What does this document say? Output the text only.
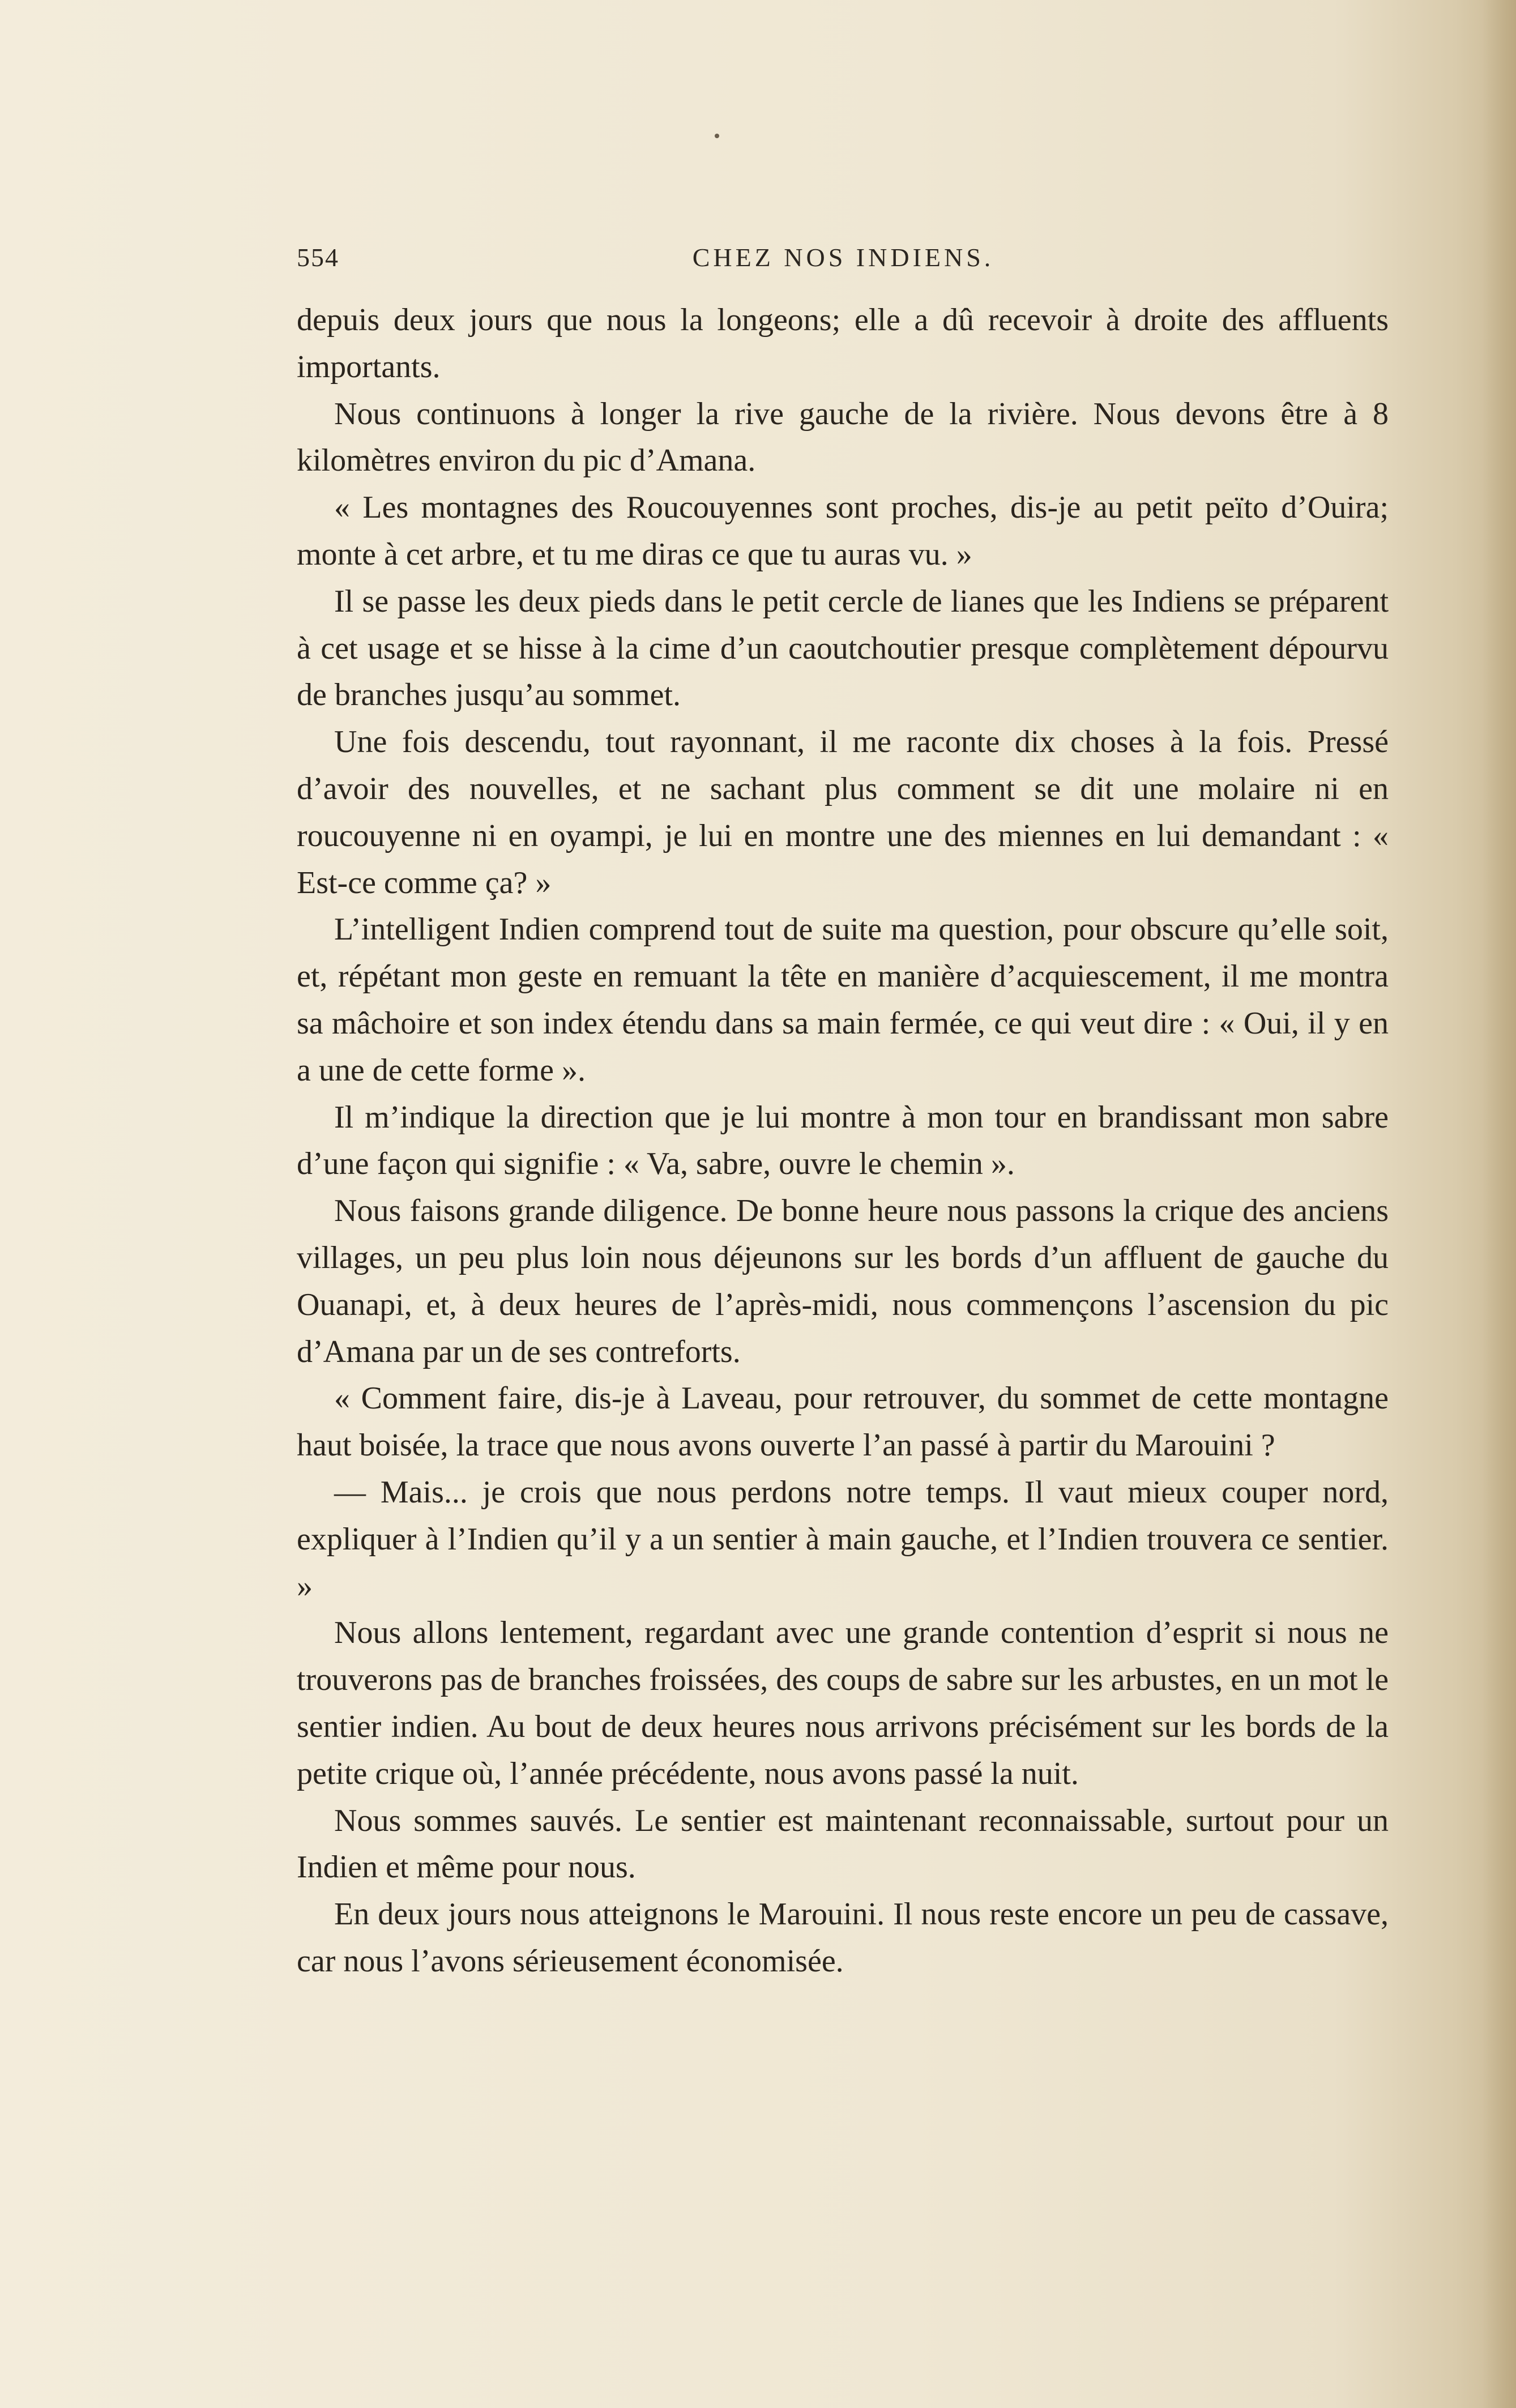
554	CHEZ NOS INDIENS.

depuis deux jours que nous la longeons; elle a dû recevoir à droite des affluents importants.

Nous continuons à longer la rive gauche de la rivière. Nous devons être à 8 kilomètres environ du pic d’Amana.

« Les montagnes des Roucouyennes sont proches, dis-je au petit peïto d’Ouira; monte à cet arbre, et tu me diras ce que tu auras vu. »

Il se passe les deux pieds dans le petit cercle de lianes que les Indiens se préparent à cet usage et se hisse à la cime d’un caoutchoutier presque complètement dépourvu de branches jusqu’au sommet.

Une fois descendu, tout rayonnant, il me raconte dix choses à la fois. Pressé d’avoir des nouvelles, et ne sachant plus comment se dit une molaire ni en roucouyenne ni en oyampi, je lui en montre une des miennes en lui demandant : « Est-ce comme ça? »

L’intelligent Indien comprend tout de suite ma question, pour obscure qu’elle soit, et, répétant mon geste en remuant la tête en manière d’acquiescement, il me montra sa mâchoire et son index étendu dans sa main fermée, ce qui veut dire : « Oui, il y en a une de cette forme ».

Il m’indique la direction que je lui montre à mon tour en brandissant mon sabre d’une façon qui signifie : « Va, sabre, ouvre le chemin ».

Nous faisons grande diligence. De bonne heure nous passons la crique des anciens villages, un peu plus loin nous déjeunons sur les bords d’un affluent de gauche du Ouanapi, et, à deux heures de l’après-midi, nous commençons l’ascension du pic d’Amana par un de ses contreforts.

« Comment faire, dis-je à Laveau, pour retrouver, du sommet de cette montagne haut boisée, la trace que nous avons ouverte l’an passé à partir du Marouini ?

— Mais... je crois que nous perdons notre temps. Il vaut mieux couper nord, expliquer à l’Indien qu’il y a un sentier à main gauche, et l’Indien trouvera ce sentier. »

Nous allons lentement, regardant avec une grande contention d’esprit si nous ne trouverons pas de branches froissées, des coups de sabre sur les arbustes, en un mot le sentier indien. Au bout de deux heures nous arrivons précisément sur les bords de la petite crique où, l’année précédente, nous avons passé la nuit.

Nous sommes sauvés. Le sentier est maintenant reconnaissable, surtout pour un Indien et même pour nous.

En deux jours nous atteignons le Marouini. Il nous reste encore un peu de cassave, car nous l’avons sérieusement économisée.
